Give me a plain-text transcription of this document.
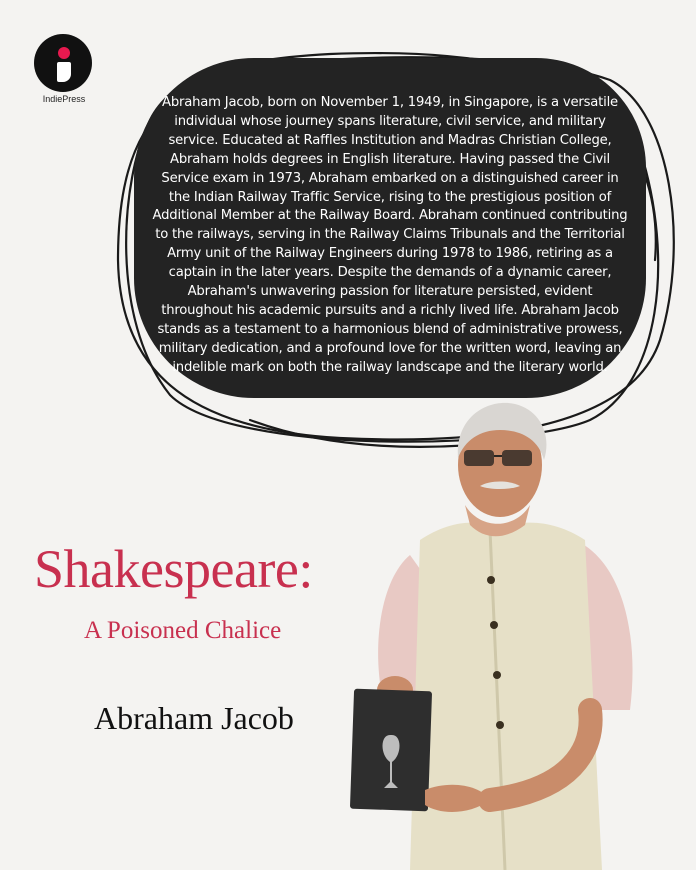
IndiePress	Abraham Jacob, born on November 1, 1949, in Singapore, is a versatile individual whose journey spans literature, civil service, and military service. Educated at Raffles Institution and Madras Christian College, Abraham holds degrees in English literature. Having passed the Civil Service exam in 1973, Abraham embarked on a distinguished career in the Indian Railway Traffic Service, rising to the prestigious position of Additional Member at the Railway Board. Abraham continued contributing to the railways, serving in the Railway Claims Tribunals and the Territorial Army unit of the Railway Engineers during 1978 to 1986, retiring as a captain in the later years. Despite the demands of a dynamic career, Abraham's unwavering passion for literature persisted, evident throughout his academic pursuits and a richly lived life. Abraham Jacob stands as a testament to a harmonious blend of administrative prowess, military dedication, and a profound love for the written word, leaving an indelible mark on both the railway landscape and the literary world.
Shakespeare:
A Poisoned Chalice
Abraham Jacob
